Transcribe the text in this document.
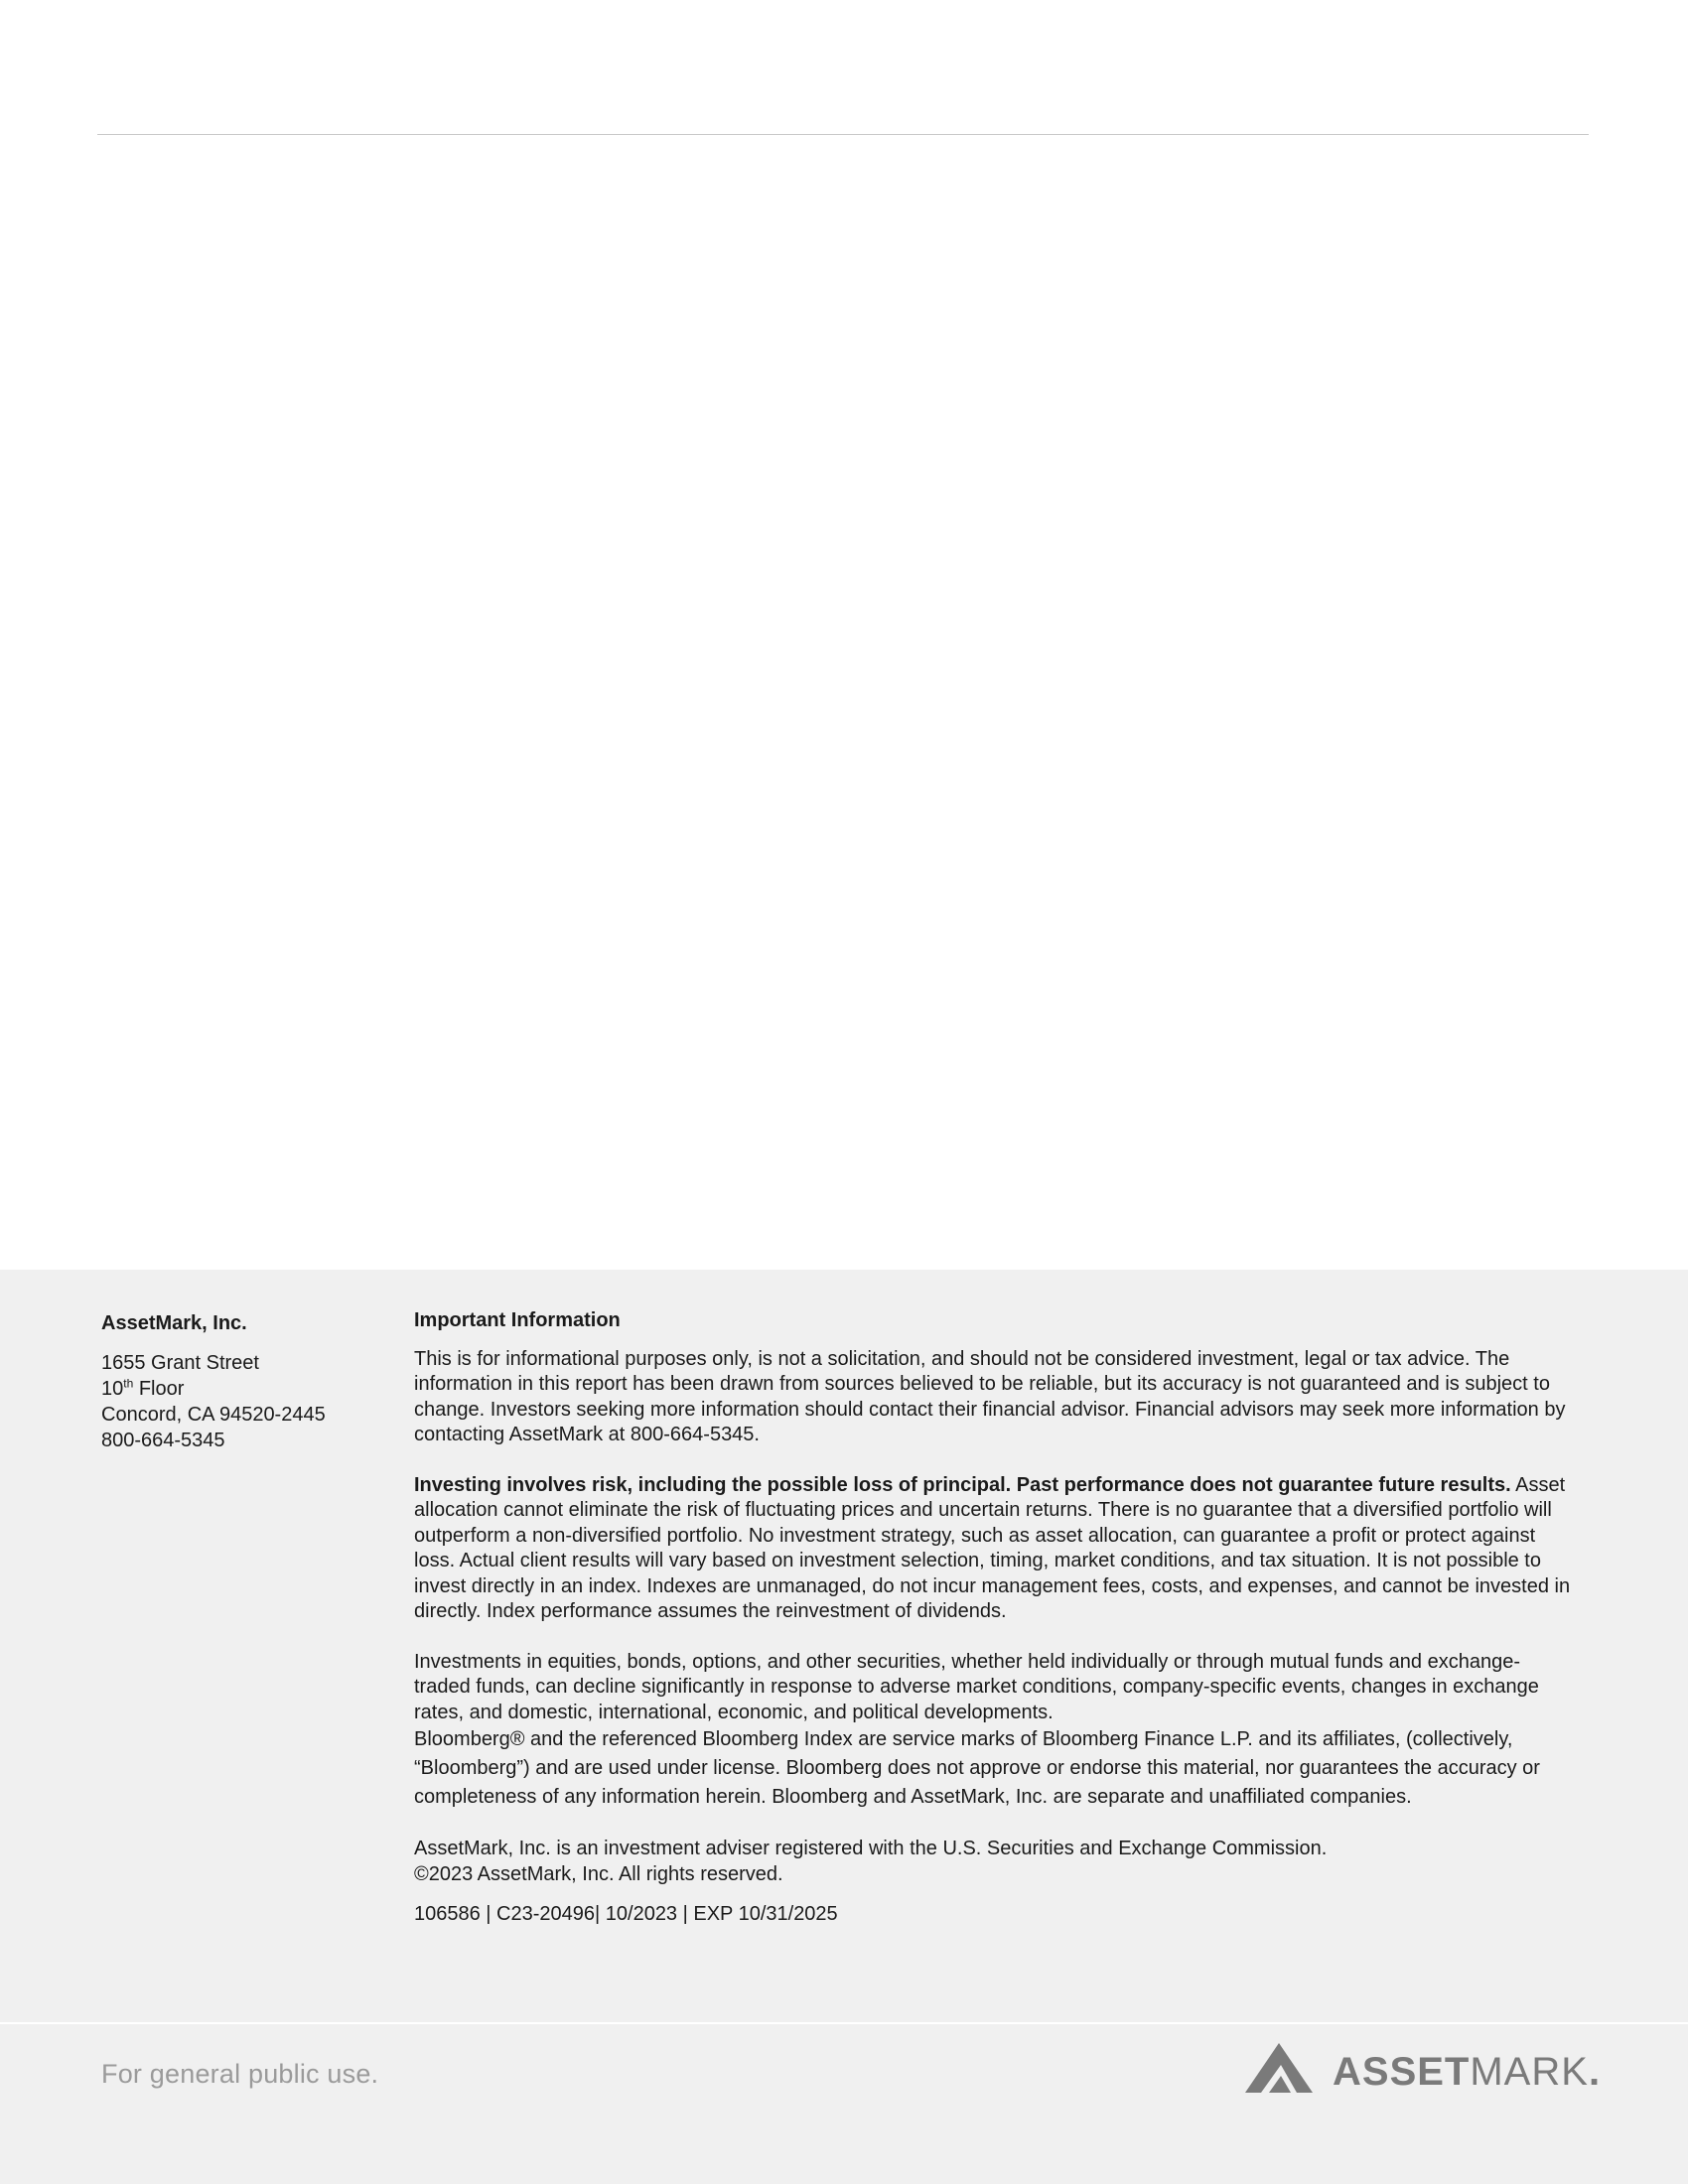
AssetMark, Inc.

1655 Grant Street

10th Floor

Concord, CA 94520-2445

800-664-5345

Important Information

This is for informational purposes only, is not a solicitation, and should not be considered investment, legal or tax advice. The information in this report has been drawn from sources believed to be reliable, but its accuracy is not guaranteed and is subject to change. Investors seeking more information should contact their financial advisor. Financial advisors may seek more information by contacting AssetMark at 800-664-5345.

Investing involves risk, including the possible loss of principal. Past performance does not guarantee future results. Asset allocation cannot eliminate the risk of fluctuating prices and uncertain returns. There is no guarantee that a diversified portfolio will outperform a non-diversified portfolio. No investment strategy, such as asset allocation, can guarantee a profit or protect against loss. Actual client results will vary based on investment selection, timing, market conditions, and tax situation. It is not possible to invest directly in an index. Indexes are unmanaged, do not incur management fees, costs, and expenses, and cannot be invested in directly. Index performance assumes the reinvestment of dividends.

Investments in equities, bonds, options, and other securities, whether held individually or through mutual funds and exchange-traded funds, can decline significantly in response to adverse market conditions, company-specific events, changes in exchange rates, and domestic, international, economic, and political developments.

Bloomberg® and the referenced Bloomberg Index are service marks of Bloomberg Finance L.P. and its affiliates, (collectively, “Bloomberg”) and are used under license. Bloomberg does not approve or endorse this material, nor guarantees the accuracy or completeness of any information herein. Bloomberg and AssetMark, Inc. are separate and unaffiliated companies.

AssetMark, Inc. is an investment adviser registered with the U.S. Securities and Exchange Commission.

©2023 AssetMark, Inc. All rights reserved.

106586 | C23-20496| 10/2023 | EXP 10/31/2025

For general public use.	ASSETMARK.
